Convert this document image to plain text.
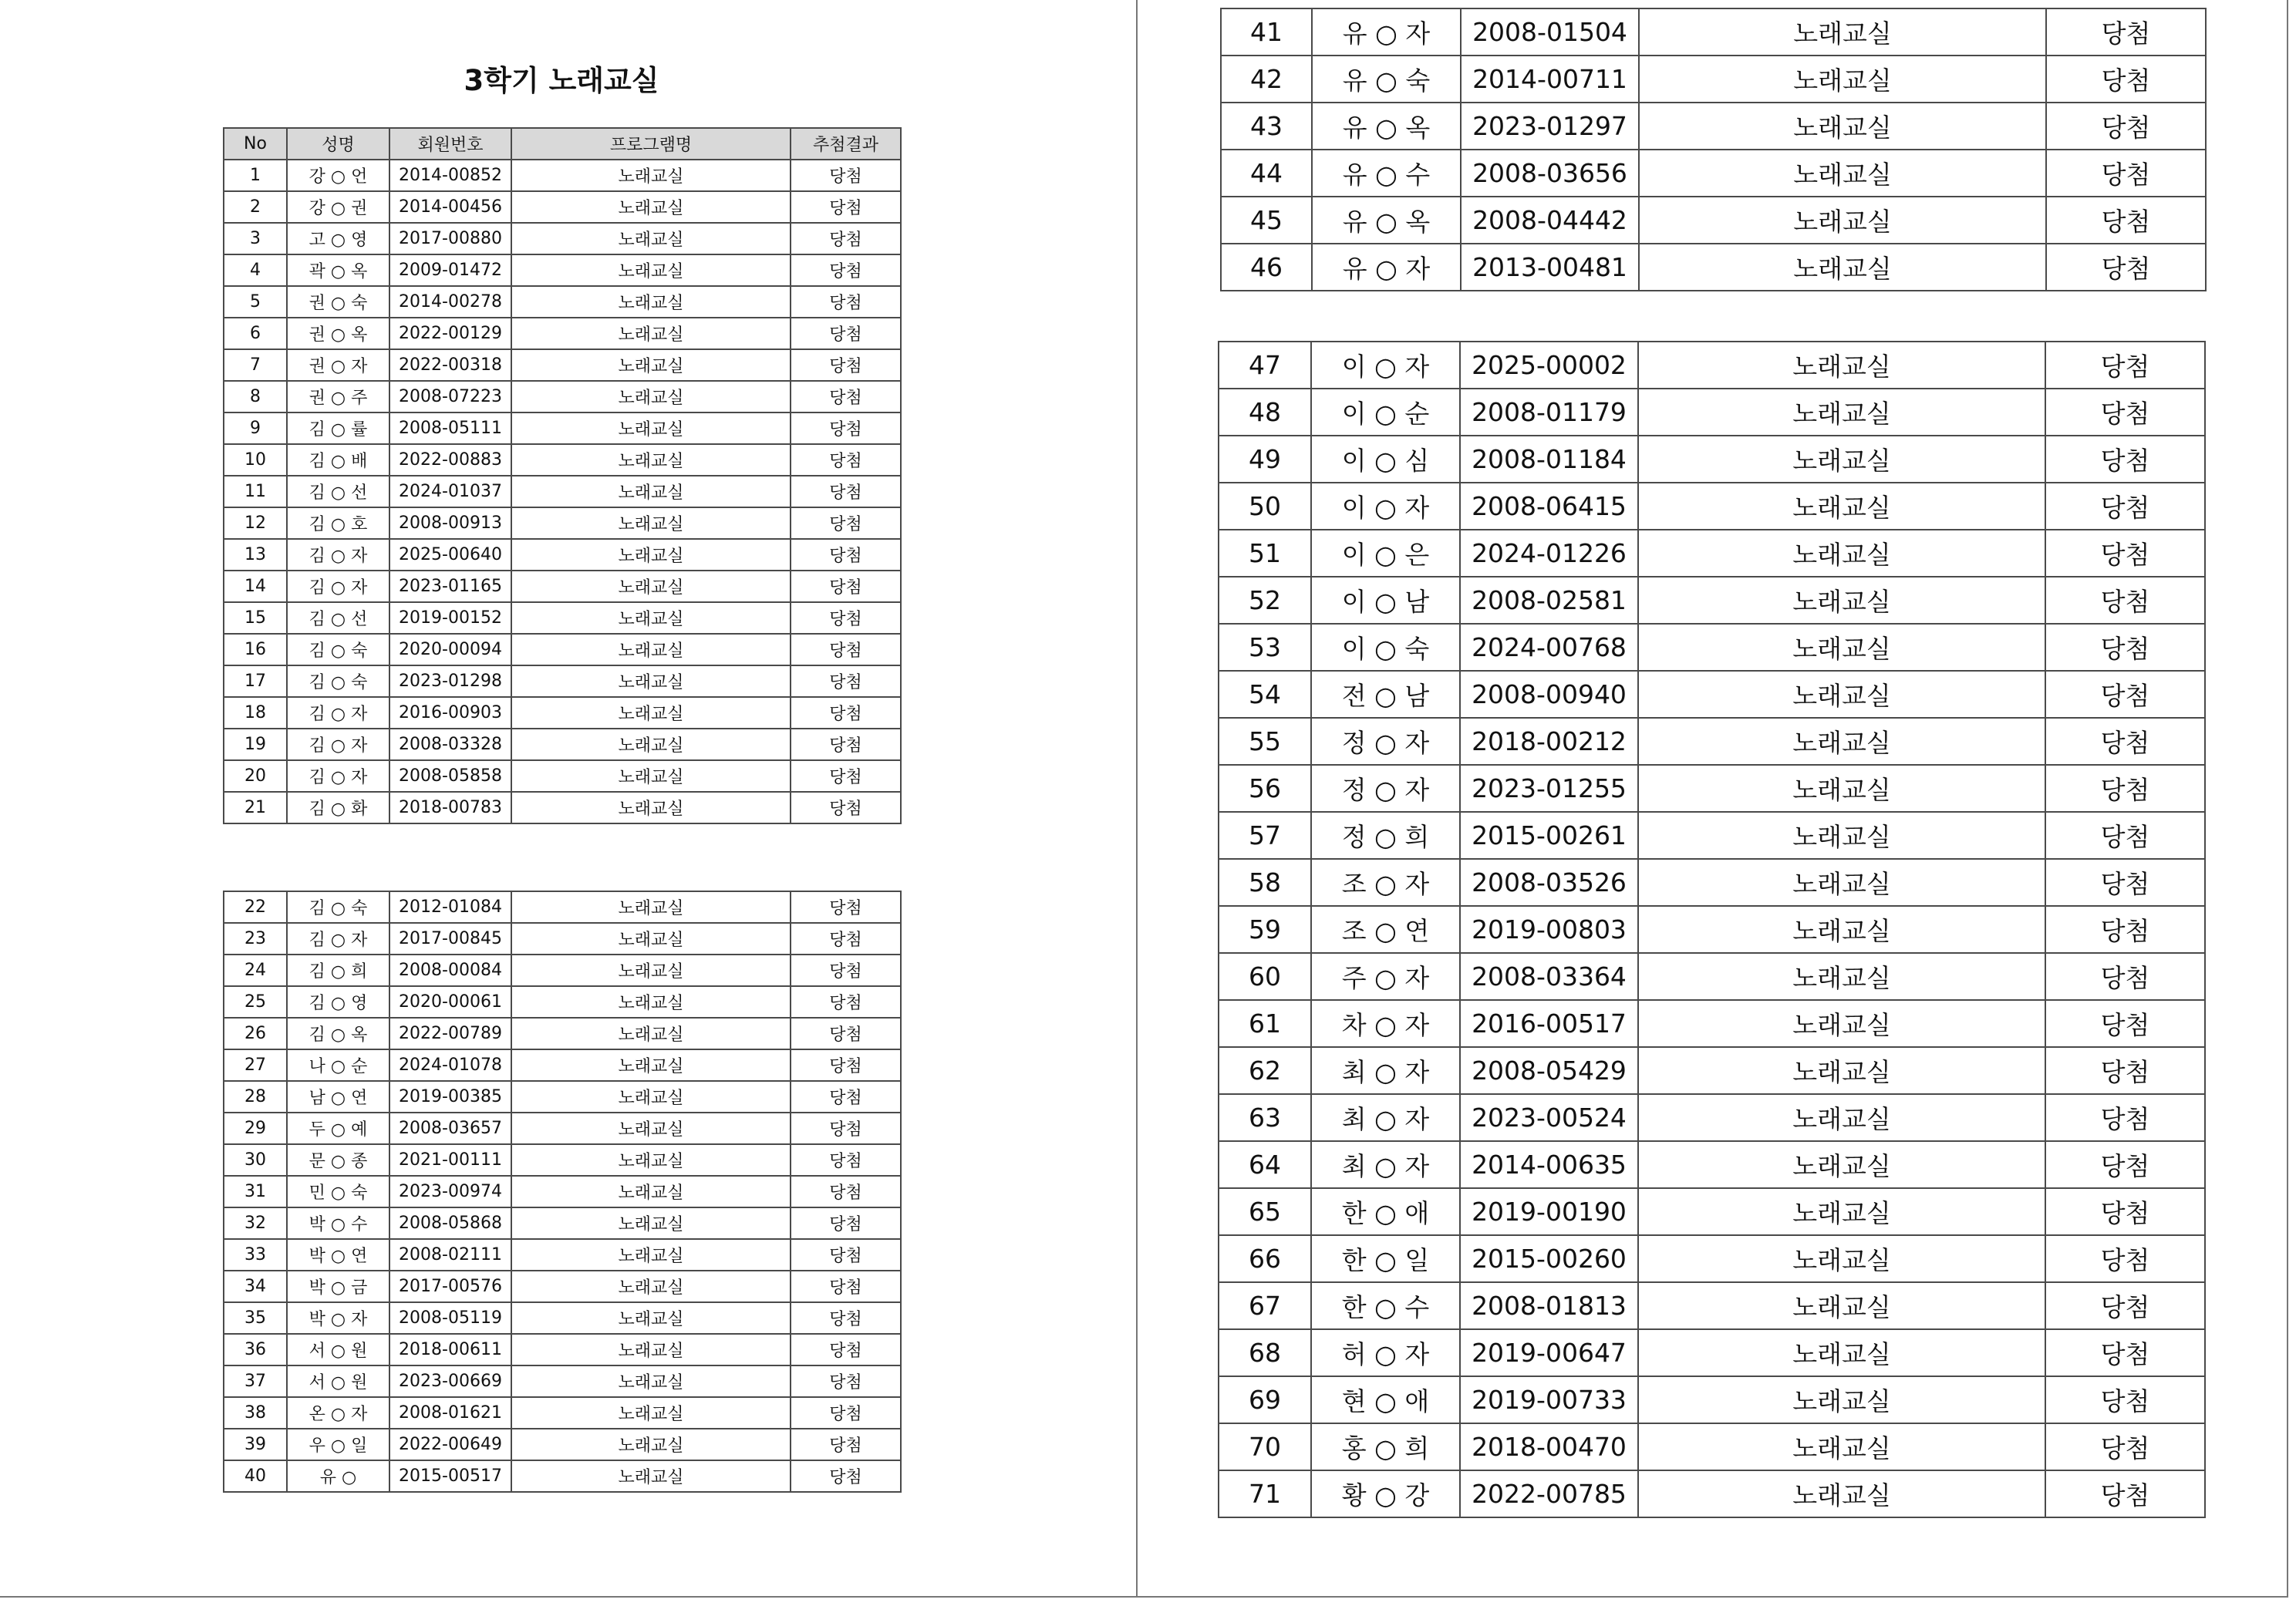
3학기 노래교실
No	성명	회원번호	프로그램명	추첨결과
1	강 ○ 언	2014-00852	노래교실	당첨
2	강 ○ 권	2014-00456	노래교실	당첨
3	고 ○ 영	2017-00880	노래교실	당첨
4	곽 ○ 옥	2009-01472	노래교실	당첨
5	권 ○ 숙	2014-00278	노래교실	당첨
6	권 ○ 옥	2022-00129	노래교실	당첨
7	권 ○ 자	2022-00318	노래교실	당첨
8	권 ○ 주	2008-07223	노래교실	당첨
9	김 ○ 률	2008-05111	노래교실	당첨
10	김 ○ 배	2022-00883	노래교실	당첨
11	김 ○ 선	2024-01037	노래교실	당첨
12	김 ○ 호	2008-00913	노래교실	당첨
13	김 ○ 자	2025-00640	노래교실	당첨
14	김 ○ 자	2023-01165	노래교실	당첨
15	김 ○ 선	2019-00152	노래교실	당첨
16	김 ○ 숙	2020-00094	노래교실	당첨
17	김 ○ 숙	2023-01298	노래교실	당첨
18	김 ○ 자	2016-00903	노래교실	당첨
19	김 ○ 자	2008-03328	노래교실	당첨
20	김 ○ 자	2008-05858	노래교실	당첨
21	김 ○ 화	2018-00783	노래교실	당첨
22	김 ○ 숙	2012-01084	노래교실	당첨
23	김 ○ 자	2017-00845	노래교실	당첨
24	김 ○ 희	2008-00084	노래교실	당첨
25	김 ○ 영	2020-00061	노래교실	당첨
26	김 ○ 옥	2022-00789	노래교실	당첨
27	나 ○ 순	2024-01078	노래교실	당첨
28	남 ○ 연	2019-00385	노래교실	당첨
29	두 ○ 예	2008-03657	노래교실	당첨
30	문 ○ 종	2021-00111	노래교실	당첨
31	민 ○ 숙	2023-00974	노래교실	당첨
32	박 ○ 수	2008-05868	노래교실	당첨
33	박 ○ 연	2008-02111	노래교실	당첨
34	박 ○ 금	2017-00576	노래교실	당첨
35	박 ○ 자	2008-05119	노래교실	당첨
36	서 ○ 원	2018-00611	노래교실	당첨
37	서 ○ 원	2023-00669	노래교실	당첨
38	온 ○ 자	2008-01621	노래교실	당첨
39	우 ○ 일	2022-00649	노래교실	당첨
40	유 ○	2015-00517	노래교실	당첨
41	유 ○ 자	2008-01504	노래교실	당첨
42	유 ○ 숙	2014-00711	노래교실	당첨
43	유 ○ 옥	2023-01297	노래교실	당첨
44	유 ○ 수	2008-03656	노래교실	당첨
45	유 ○ 옥	2008-04442	노래교실	당첨
46	유 ○ 자	2013-00481	노래교실	당첨
47	이 ○ 자	2025-00002	노래교실	당첨
48	이 ○ 순	2008-01179	노래교실	당첨
49	이 ○ 심	2008-01184	노래교실	당첨
50	이 ○ 자	2008-06415	노래교실	당첨
51	이 ○ 은	2024-01226	노래교실	당첨
52	이 ○ 남	2008-02581	노래교실	당첨
53	이 ○ 숙	2024-00768	노래교실	당첨
54	전 ○ 남	2008-00940	노래교실	당첨
55	정 ○ 자	2018-00212	노래교실	당첨
56	정 ○ 자	2023-01255	노래교실	당첨
57	정 ○ 희	2015-00261	노래교실	당첨
58	조 ○ 자	2008-03526	노래교실	당첨
59	조 ○ 연	2019-00803	노래교실	당첨
60	주 ○ 자	2008-03364	노래교실	당첨
61	차 ○ 자	2016-00517	노래교실	당첨
62	최 ○ 자	2008-05429	노래교실	당첨
63	최 ○ 자	2023-00524	노래교실	당첨
64	최 ○ 자	2014-00635	노래교실	당첨
65	한 ○ 애	2019-00190	노래교실	당첨
66	한 ○ 일	2015-00260	노래교실	당첨
67	한 ○ 수	2008-01813	노래교실	당첨
68	허 ○ 자	2019-00647	노래교실	당첨
69	현 ○ 애	2019-00733	노래교실	당첨
70	홍 ○ 희	2018-00470	노래교실	당첨
71	황 ○ 강	2022-00785	노래교실	당첨
